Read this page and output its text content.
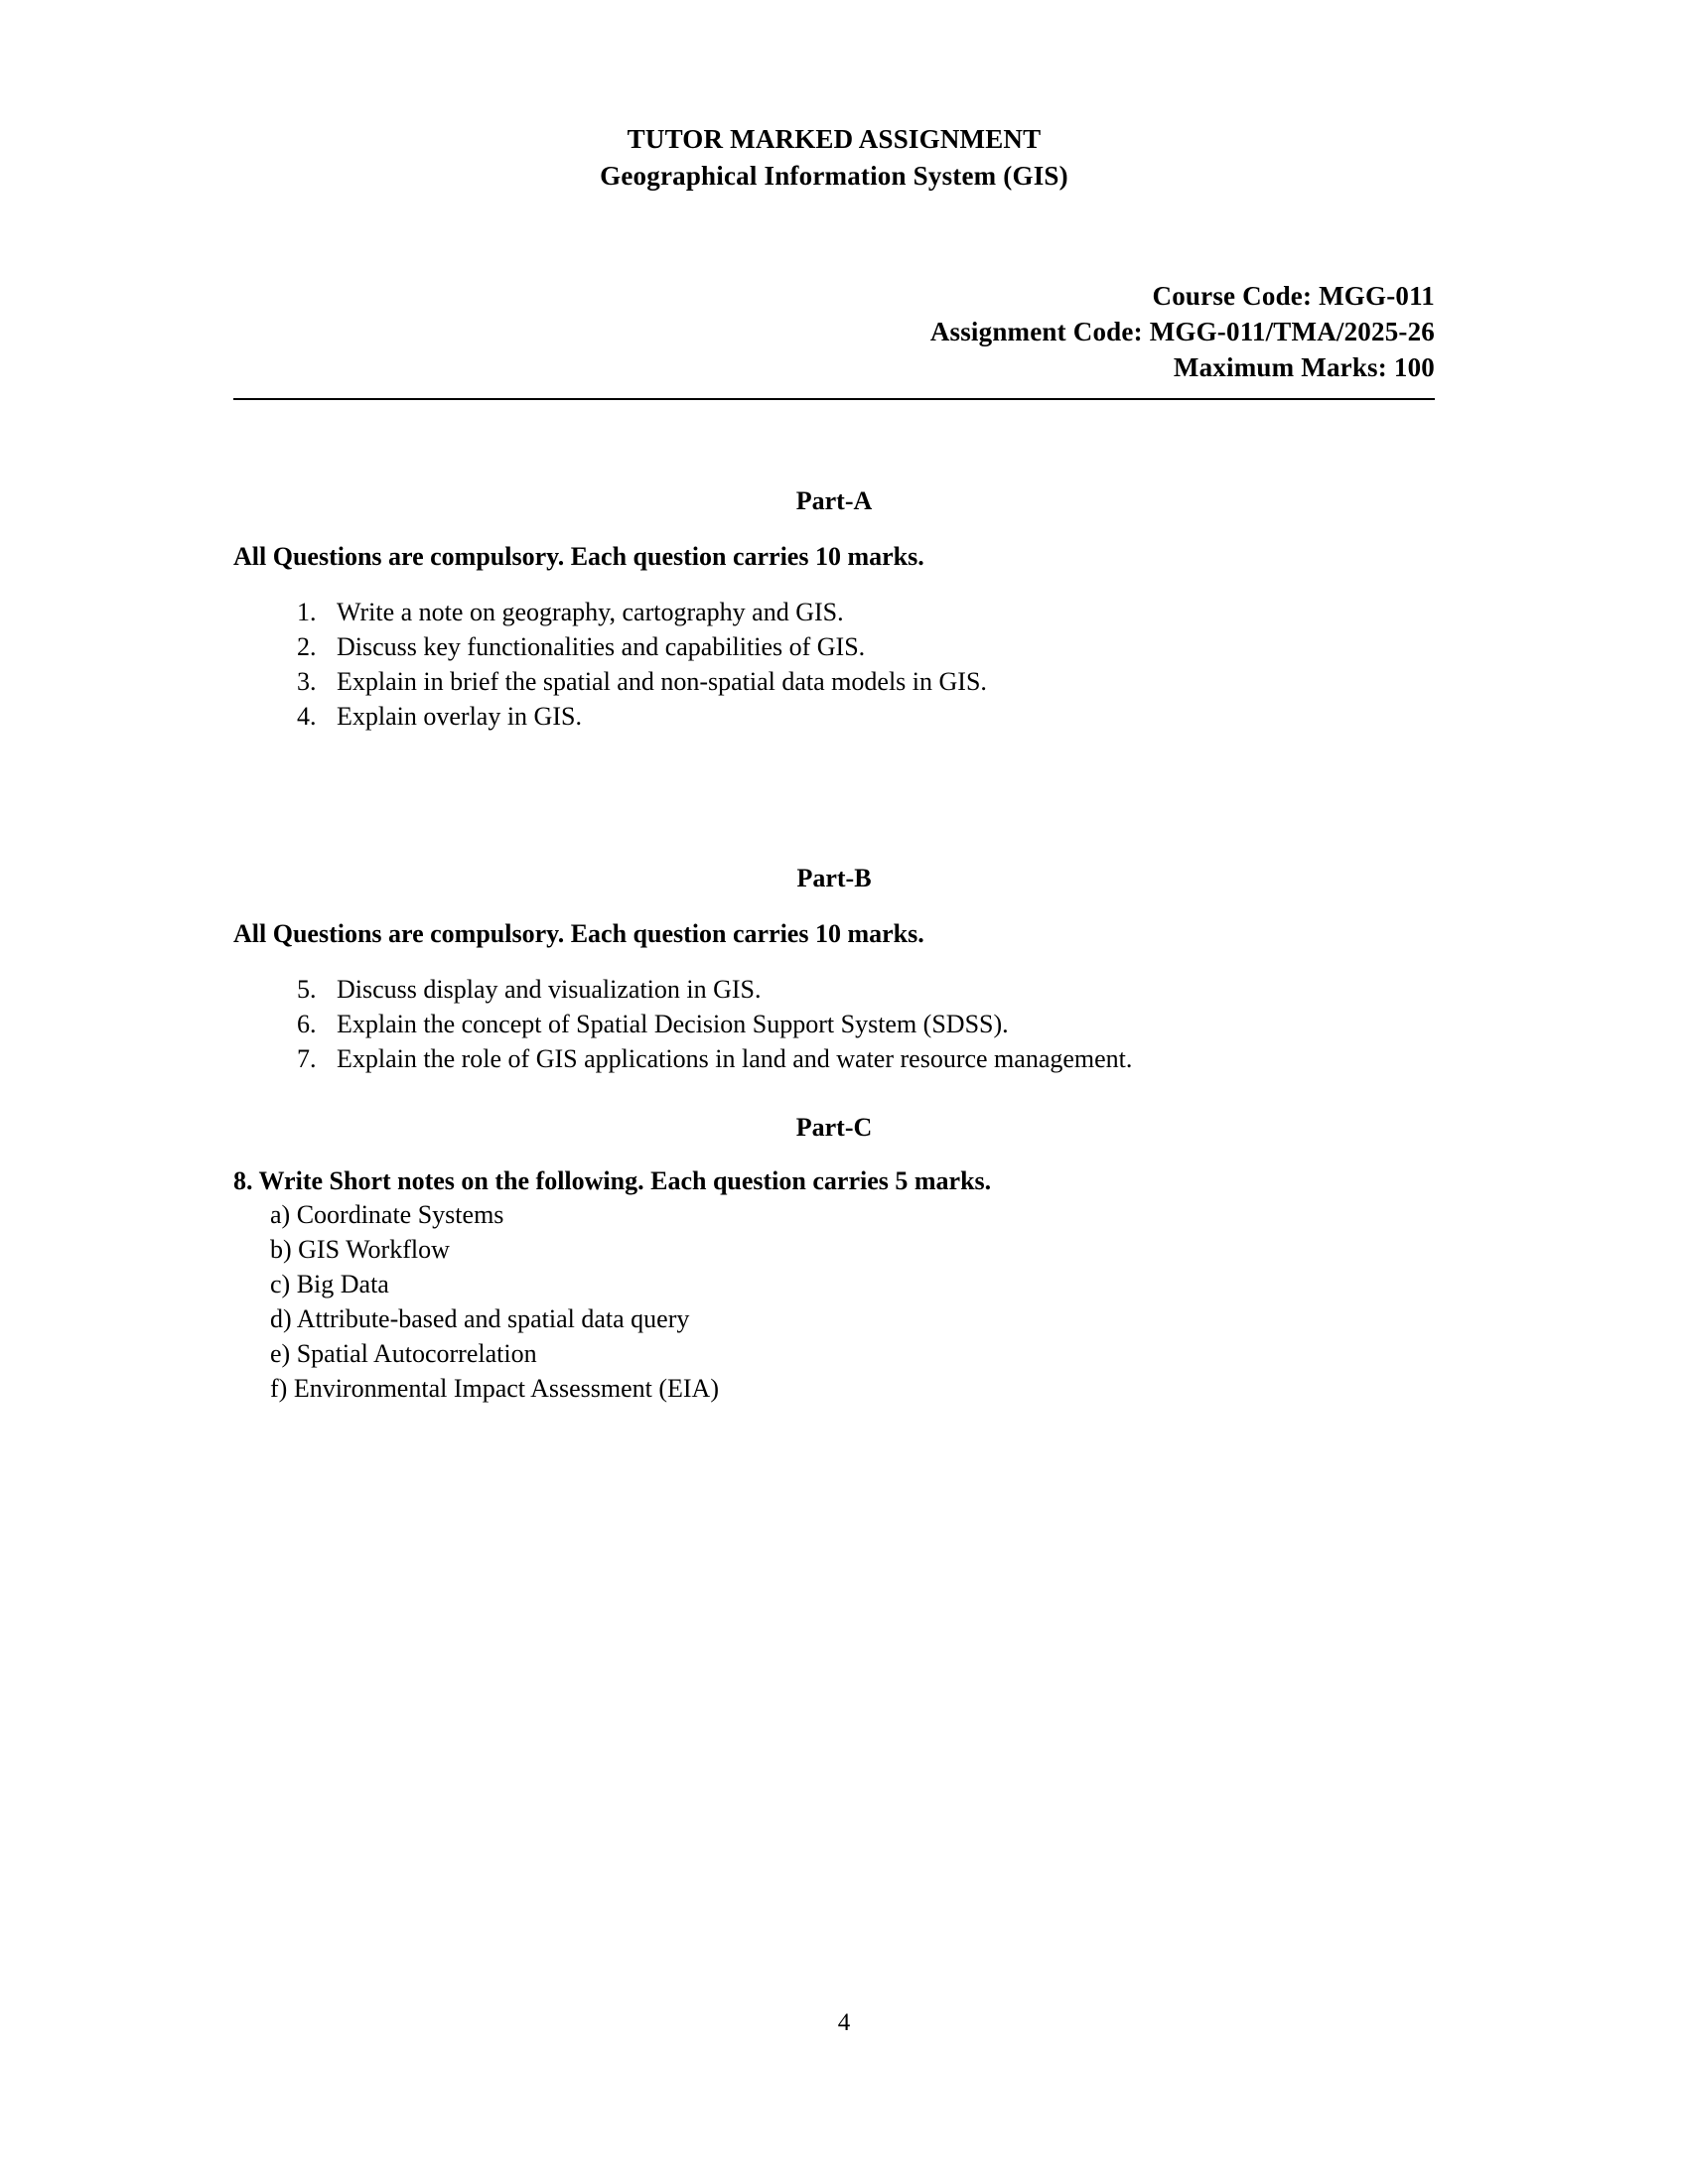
TUTOR MARKED ASSIGNMENT
Geographical Information System (GIS)
Course Code: MGG-011
Assignment Code: MGG-011/TMA/2025-26
Maximum Marks: 100
Part-A
All Questions are compulsory. Each question carries 10 marks.
1. Write a note on geography, cartography and GIS.
2. Discuss key functionalities and capabilities of GIS.
3. Explain in brief the spatial and non-spatial data models in GIS.
4. Explain overlay in GIS.
Part-B
All Questions are compulsory. Each question carries 10 marks.
5. Discuss display and visualization in GIS.
6. Explain the concept of Spatial Decision Support System (SDSS).
7. Explain the role of GIS applications in land and water resource management.
Part-C
8. Write Short notes on the following. Each question carries 5 marks.
a) Coordinate Systems
b) GIS Workflow
c) Big Data
d) Attribute-based and spatial data query
e) Spatial Autocorrelation
f) Environmental Impact Assessment (EIA)
4
